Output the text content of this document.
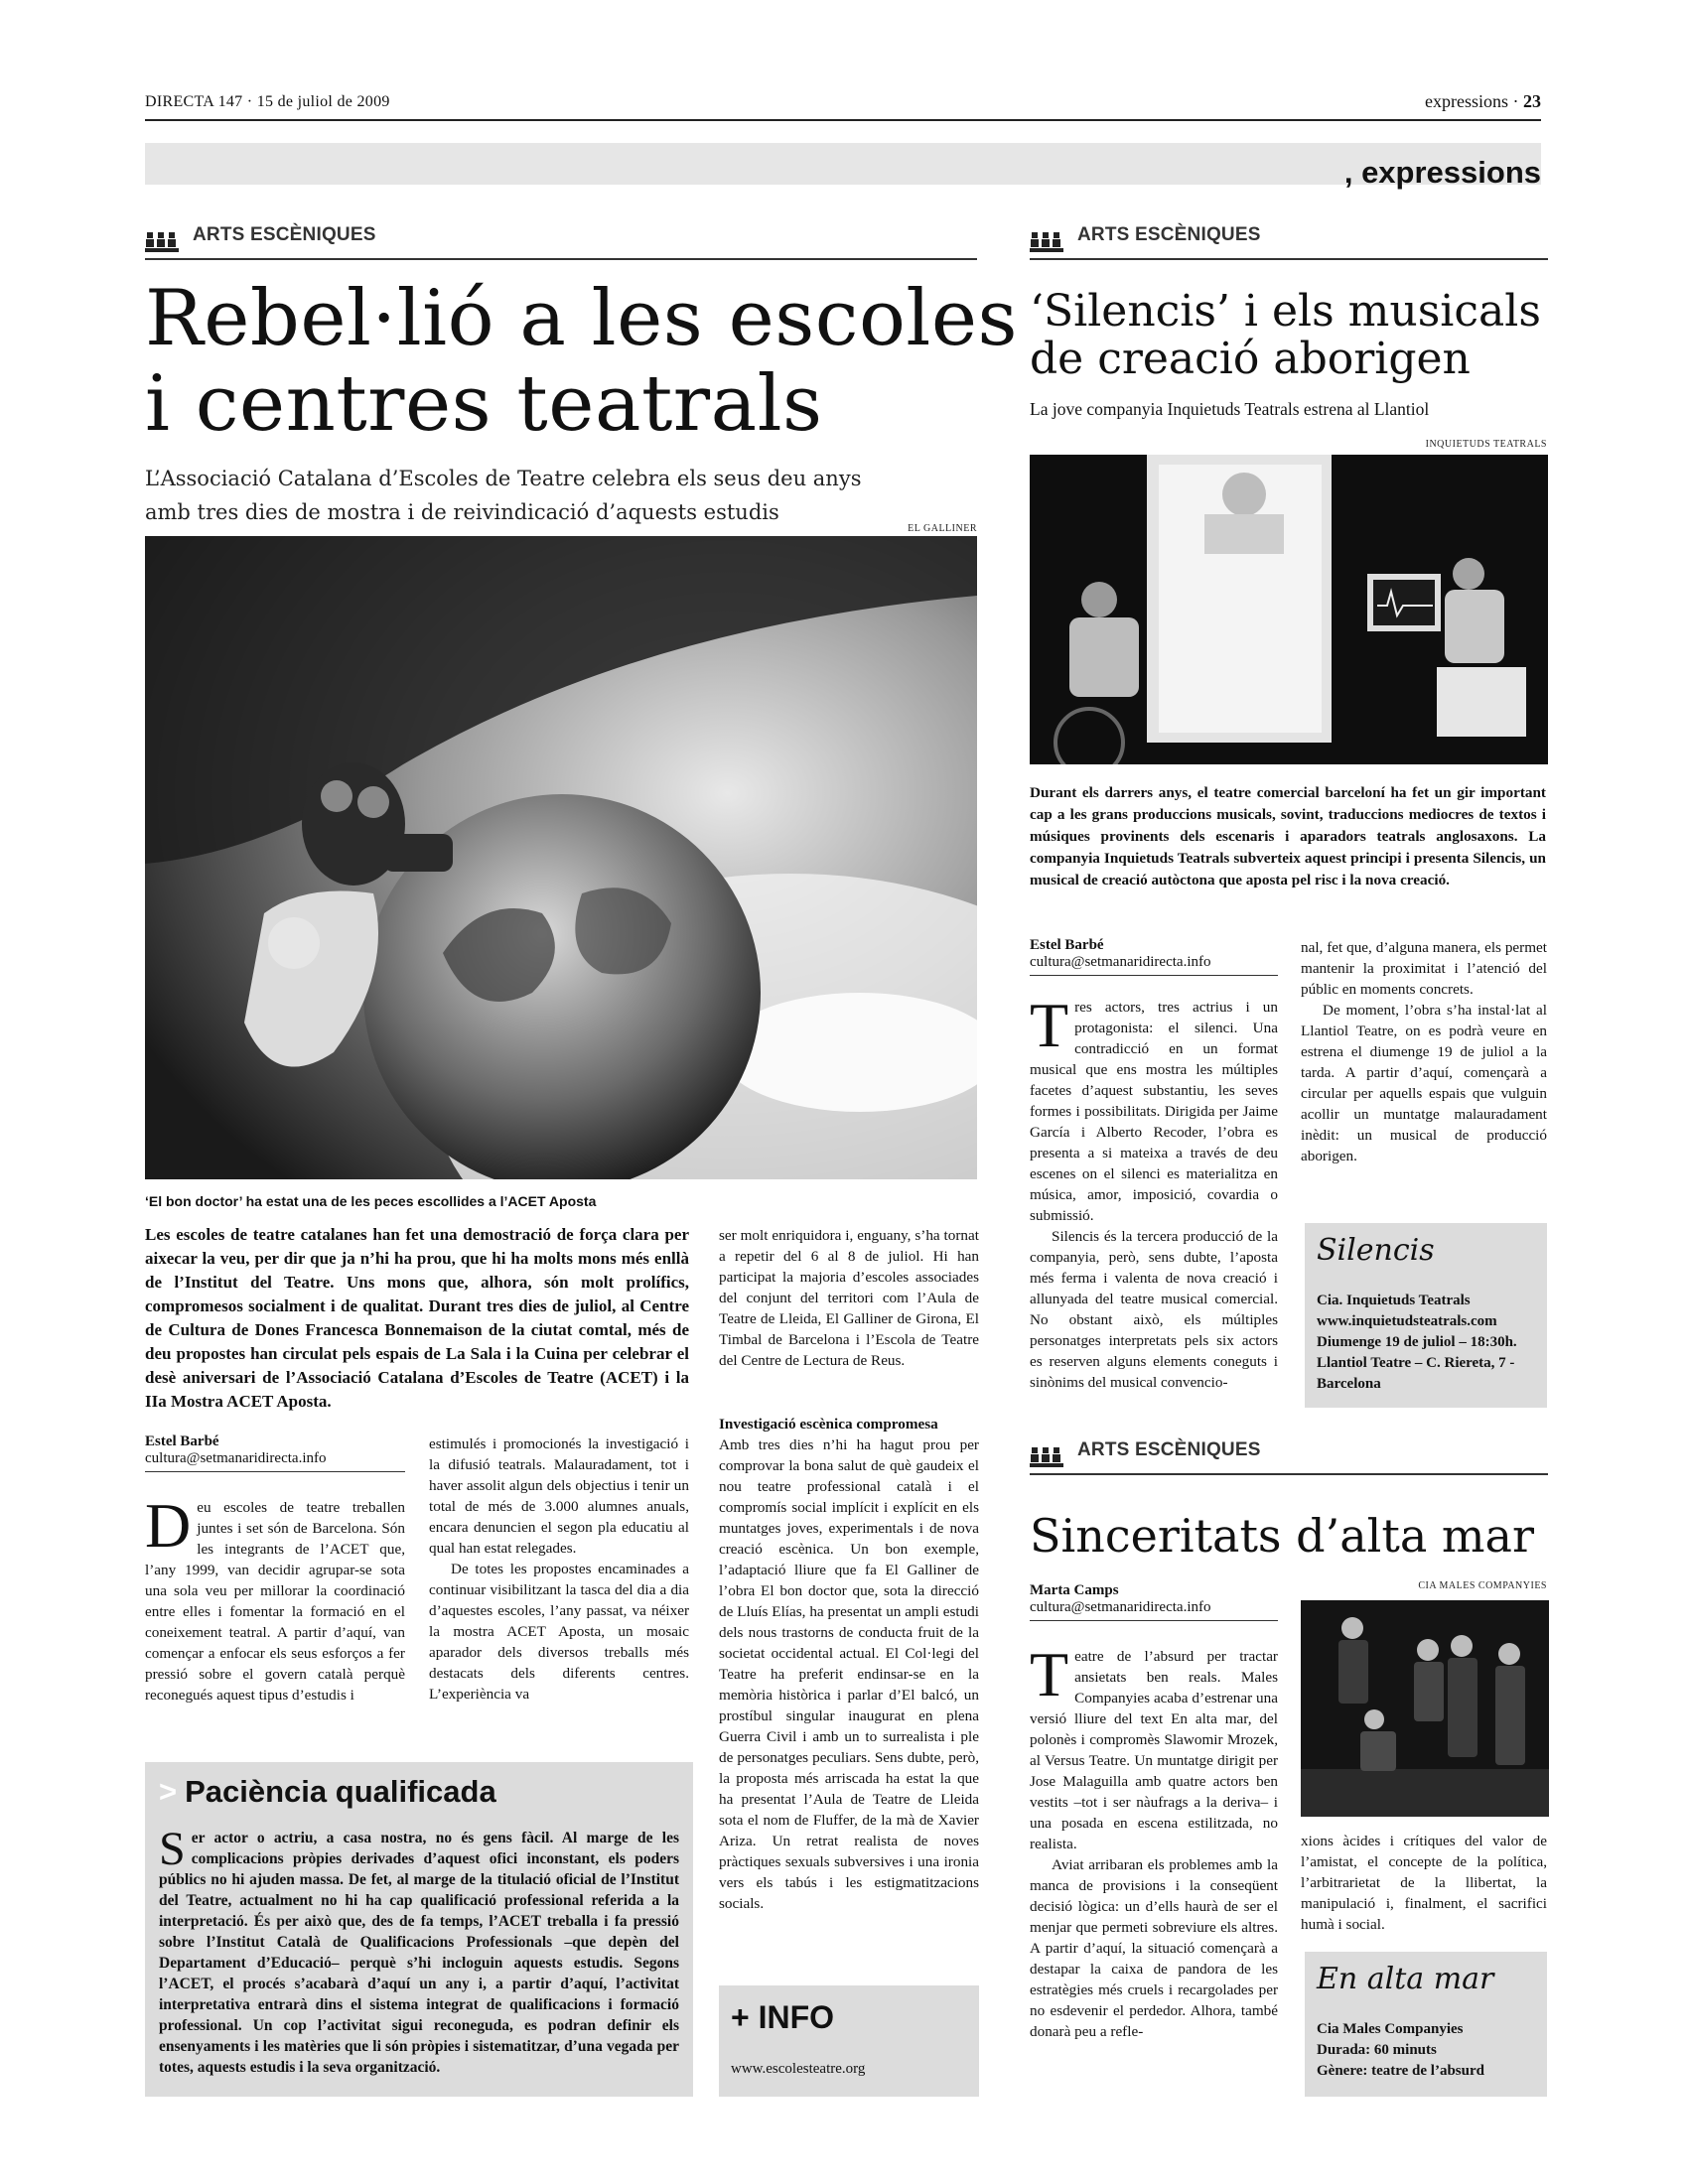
DIRECTA 147 · 15 de juliol de 2009	expressions · 23
, expressions
ARTS ESCÈNIQUES
Rebel·lió a les escoles
i centres teatrals
L’Associació Catalana d’Escoles de Teatre celebra els seus deu anys amb tres dies de mostra i de reivindicació d’aquests estudis
EL GALLINER
‘El bon doctor’ ha estat una de les peces escollides a l’ACET Aposta
Les escoles de teatre catalanes han fet una demostració de força clara per aixecar la veu, per dir que ja n’hi ha prou, que hi ha molts mons més enllà de l’Institut del Teatre. Uns mons que, alhora, són molt prolífics, compromesos socialment i de qualitat. Durant tres dies de juliol, al Centre de Cultura de Dones Francesca Bonnemaison de la ciutat comtal, més de deu propostes han circulat pels espais de La Sala i la Cuina per celebrar el desè aniversari de l’Associació Catalana d’Escoles de Teatre (ACET) i la IIa Mostra ACET Aposta.
ser molt enriquidora i, enguany, s’ha tornat a repetir del 6 al 8 de juliol. Hi han participat la majoria d’escoles associades del conjunt del territori com l’Aula de Teatre de Lleida, El Galliner de Girona, El Timbal de Barcelona i l’Escola de Teatre del Centre de Lectura de Reus.
Estel Barbé
cultura@setmanaridirecta.info
Deu escoles de teatre treballen juntes i set són de Barcelona. Són les integrants de l’ACET que, l’any 1999, van decidir agrupar-se sota una sola veu per millorar la coordinació entre elles i fomentar la formació en el coneixement teatral. A partir d’aquí, van començar a enfocar els seus esforços a fer pressió sobre el govern català perquè reconegués aquest tipus d’estudis i
estimulés i promocionés la investigació i la difusió teatrals. Malauradament, tot i haver assolit algun dels objectius i tenir un total de més de 3.000 alumnes anuals, encara denuncien el segon pla educatiu al qual han estat relegades.
De totes les propostes encaminades a continuar visibilitzant la tasca del dia a dia d’aquestes escoles, l’any passat, va néixer la mostra ACET Aposta, un mosaic aparador dels diversos treballs més destacats dels diferents centres. L’experiència va
Investigació escènica compromesa
Amb tres dies n’hi ha hagut prou per comprovar la bona salut de què gaudeix el nou teatre professional català i el compromís social implícit i explícit en els muntatges joves, experimentals i de nova creació escènica. Un bon exemple, l’adaptació lliure que fa El Galliner de l’obra El bon doctor que, sota la direcció de Lluís Elías, ha presentat un ampli estudi dels nous trastorns de conducta fruit de la societat occidental actual. El Col·legi del Teatre ha preferit endinsar-se en la memòria històrica i parlar d’El balcó, un prostíbul singular inaugurat en plena Guerra Civil i amb un to surrealista i ple de personatges peculiars. Sens dubte, però, la proposta més arriscada ha estat la que ha presentat l’Aula de Teatre de Lleida sota el nom de Fluffer, de la mà de Xavier Ariza. Un retrat realista de noves pràctiques sexuals subversives i una ironia vers els tabús i les estigmatitzacions socials.
> Paciència qualificada
Ser actor o actriu, a casa nostra, no és gens fàcil. Al marge de les complicacions pròpies derivades d’aquest ofici inconstant, els poders públics no hi ajuden massa. De fet, al marge de la titulació oficial de l’Institut del Teatre, actualment no hi ha cap qualificació professional referida a la interpretació. És per això que, des de fa temps, l’ACET treballa i fa pressió sobre l’Institut Català de Qualificacions Professionals –que depèn del Departament d’Educació– perquè s’hi incloguin aquests estudis. Segons l’ACET, el procés s’acabarà d’aquí un any i, a partir d’aquí, l’activitat interpretativa entrarà dins el sistema integrat de qualificacions i formació professional. Un cop l’activitat sigui reconeguda, es podran definir els ensenyaments i les matèries que li són pròpies i sistematitzar, d’una vegada per totes, aquests estudis i la seva organització.
+ INFO
www.escolesteatre.org
ARTS ESCÈNIQUES
‘Silencis’ i els musicals
de creació aborigen
La jove companyia Inquietuds Teatrals estrena al Llantiol
INQUIETUDS TEATRALS
Durant els darrers anys, el teatre comercial barceloní ha fet un gir important cap a les grans produccions musicals, sovint, traduccions mediocres de textos i músiques provinents dels escenaris i aparadors teatrals anglosaxons. La companyia Inquietuds Teatrals subverteix aquest principi i presenta Silencis, un musical de creació autòctona que aposta pel risc i la nova creació.
Estel Barbé
cultura@setmanaridirecta.info
Tres actors, tres actrius i un protagonista: el silenci. Una contradicció en un format musical que ens mostra les múltiples facetes d’aquest substantiu, les seves formes i possibilitats. Dirigida per Jaime García i Alberto Recoder, l’obra es presenta a si mateixa a través de deu escenes on el silenci es materialitza en música, amor, imposició, covardia o submissió.
Silencis és la tercera producció de la companyia, però, sens dubte, l’aposta més ferma i valenta de nova creació i allunyada del teatre musical comercial. No obstant això, els múltiples personatges interpretats pels six actors es reserven alguns elements coneguts i sinònims del musical convencio-
nal, fet que, d’alguna manera, els permet mantenir la proximitat i l’atenció del públic en moments concrets.
De moment, l’obra s’ha instal·lat al Llantiol Teatre, on es podrà veure en estrena el diumenge 19 de juliol a la tarda. A partir d’aquí, començarà a circular per aquells espais que vulguin acollir un muntatge malauradament inèdit: un musical de producció aborigen.
Silencis
Cia. Inquietuds Teatrals
www.inquietudsteatrals.com
Diumenge 19 de juliol – 18:30h.
Llantiol Teatre – C. Riereta, 7 - Barcelona
ARTS ESCÈNIQUES
Sinceritats d’alta mar
CIA MALES COMPANYIES
Marta Camps
cultura@setmanaridirecta.info
Teatre de l’absurd per tractar ansietats ben reals. Males Companyies acaba d’estrenar una versió lliure del text En alta mar, del polonès i compromès Slawomir Mrozek, al Versus Teatre. Un muntatge dirigit per Jose Malaguilla amb quatre actors ben vestits –tot i ser nàufrags a la deriva– i una posada en escena estilitzada, no realista.
Aviat arribaran els problemes amb la manca de provisions i la conseqüent decisió lògica: un d’ells haurà de ser el menjar que permeti sobreviure els altres. A partir d’aquí, la situació començarà a destapar la caixa de pandora de les estratègies més cruels i recargolades per no esdevenir el perdedor. Alhora, també donarà peu a refle-
xions àcides i crítiques del valor de l’amistat, el concepte de la política, l’arbitrarietat de la llibertat, la manipulació i, finalment, el sacrifici humà i social.
En alta mar
Cia Males Companyies
Durada: 60 minuts
Gènere: teatre de l’absurd
